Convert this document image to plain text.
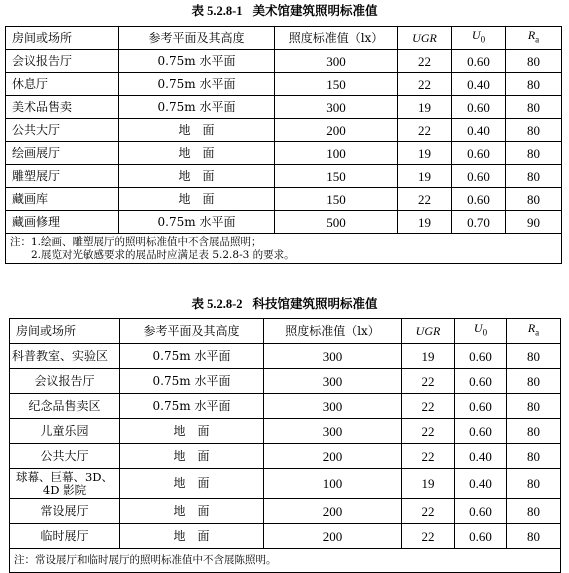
表 5.2.8-1 美术馆建筑照明标准值
房间或场所	参考平面及其高度	照度标准值（lx）	UGR	$U_0$	$R_a$
会议报告厅	0.75m 水平面	300	22	0.60	80
休息厅	0.75m 水平面	150	22	0.40	80
美术品售卖	0.75m 水平面	300	19	0.60	80
公共大厅	地　面	200	22	0.40	80
绘画展厅	地　面	100	19	0.60	80
雕塑展厅	地　面	150	19	0.60	80
藏画库	地　面	150	22	0.60	80
藏画修理	0.75m 水平面	500	19	0.70	90

注：1.绘画、雕塑展厅的照明标准值中不含展品照明；
　　2.展览对光敏感要求的展品时应满足表 5.2.8-3 的要求。					
表 5.2.8-2 科技馆建筑照明标准值
房间或场所	参考平面及其高度	照度标准值（lx）	UGR	$U_0$	$R_a$
科普教室、实验区	0.75m 水平面	300	19	0.60	80
会议报告厅	0.75m 水平面	300	22	0.60	80
纪念品售卖区	0.75m 水平面	300	22	0.60	80
儿童乐园	地　面	300	22	0.60	80
公共大厅	地　面	200	22	0.40	80
球幕、巨幕、3D、4D 影院	地　面	100	19	0.40	80
常设展厅	地　面	200	22	0.60	80
临时展厅	地　面	200	22	0.60	80

注：常设展厅和临时展厅的照明标准值中不含展陈照明。					
